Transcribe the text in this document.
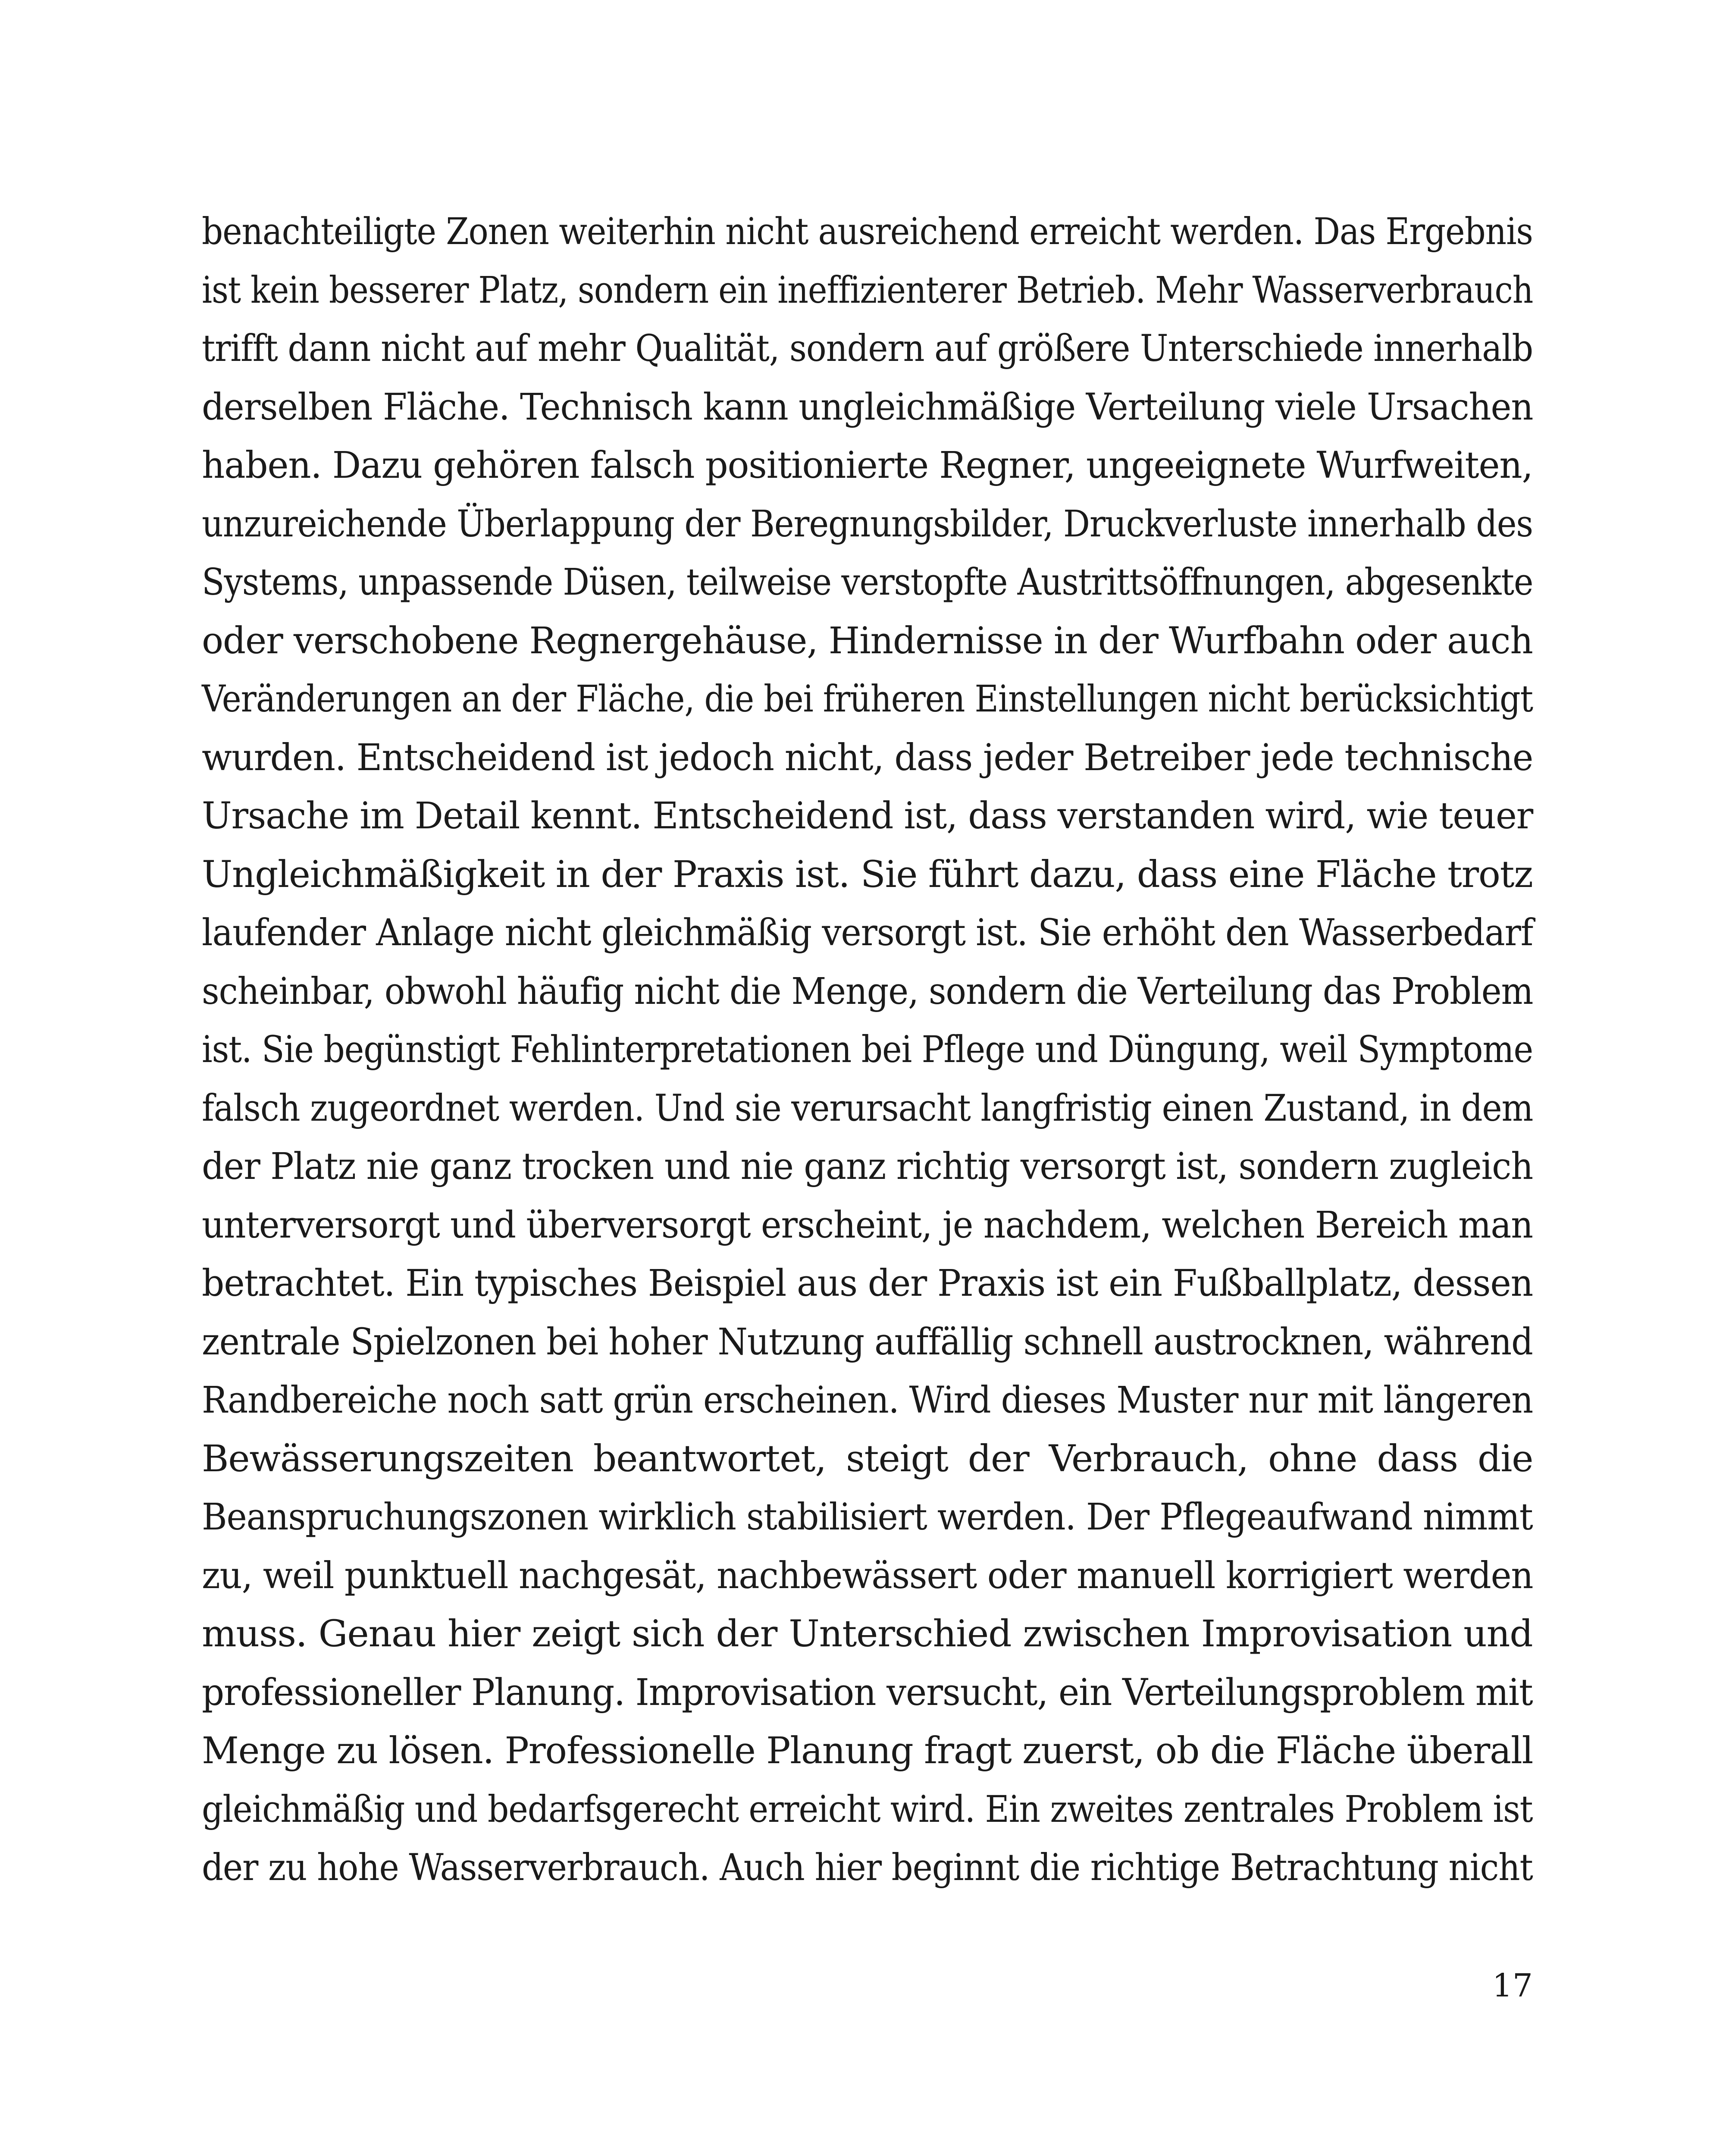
benachteiligte Zonen weiterhin nicht ausreichend erreicht werden. Das Ergebnis
ist kein besserer Platz, sondern ein ineffizienterer Betrieb. Mehr Wasserverbrauch
trifft dann nicht auf mehr Qualität, sondern auf größere Unterschiede innerhalb
derselben Fläche. Technisch kann ungleichmäßige Verteilung viele Ursachen
haben. Dazu gehören falsch positionierte Regner, ungeeignete Wurfweiten,
unzureichende Überlappung der Beregnungsbilder, Druckverluste innerhalb des
Systems, unpassende Düsen, teilweise verstopfte Austrittsöffnungen, abgesenkte
oder verschobene Regnergehäuse, Hindernisse in der Wurfbahn oder auch
Veränderungen an der Fläche, die bei früheren Einstellungen nicht berücksichtigt
wurden. Entscheidend ist jedoch nicht, dass jeder Betreiber jede technische
Ursache im Detail kennt. Entscheidend ist, dass verstanden wird, wie teuer
Ungleichmäßigkeit in der Praxis ist. Sie führt dazu, dass eine Fläche trotz
laufender Anlage nicht gleichmäßig versorgt ist. Sie erhöht den Wasserbedarf
scheinbar, obwohl häufig nicht die Menge, sondern die Verteilung das Problem
ist. Sie begünstigt Fehlinterpretationen bei Pflege und Düngung, weil Symptome
falsch zugeordnet werden. Und sie verursacht langfristig einen Zustand, in dem
der Platz nie ganz trocken und nie ganz richtig versorgt ist, sondern zugleich
unterversorgt und überversorgt erscheint, je nachdem, welchen Bereich man
betrachtet. Ein typisches Beispiel aus der Praxis ist ein Fußballplatz, dessen
zentrale Spielzonen bei hoher Nutzung auffällig schnell austrocknen, während
Randbereiche noch satt grün erscheinen. Wird dieses Muster nur mit längeren
Bewässerungszeiten beantwortet, steigt der Verbrauch, ohne dass die
Beanspruchungszonen wirklich stabilisiert werden. Der Pflegeaufwand nimmt
zu, weil punktuell nachgesät, nachbewässert oder manuell korrigiert werden
muss. Genau hier zeigt sich der Unterschied zwischen Improvisation und
professioneller Planung. Improvisation versucht, ein Verteilungsproblem mit
Menge zu lösen. Professionelle Planung fragt zuerst, ob die Fläche überall
gleichmäßig und bedarfsgerecht erreicht wird. Ein zweites zentrales Problem ist
der zu hohe Wasserverbrauch. Auch hier beginnt die richtige Betrachtung nicht
17
